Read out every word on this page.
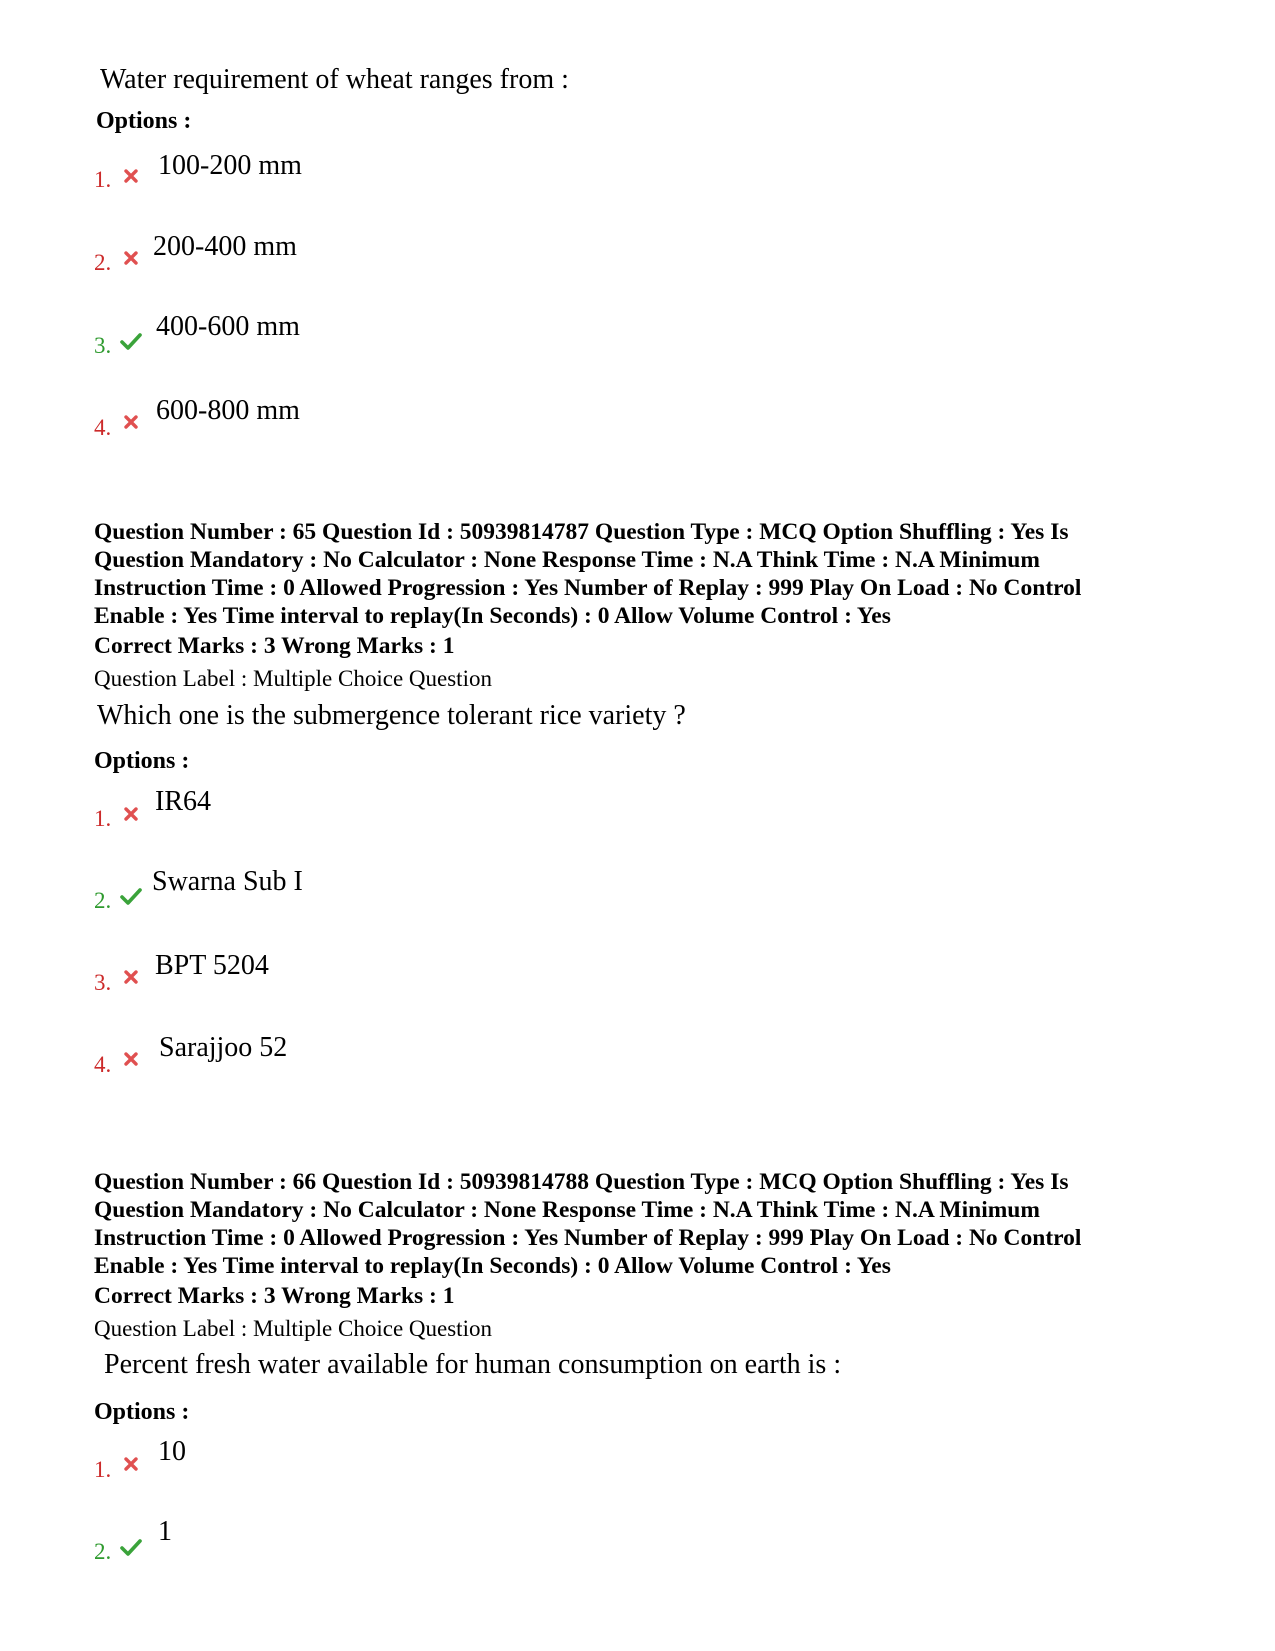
Water requirement of wheat ranges from :
Options :
1. 100-200 mm
2.
200-400 mm
3.
400-600 mm
4.
600-800 mm
Question Number : 65 Question Id : 50939814787 Question Type : MCQ Option Shuffling : Yes Is
Question Mandatory : No Calculator : None Response Time : N.A Think Time : N.A Minimum
Instruction Time : 0 Allowed Progression : Yes Number of Replay : 999 Play On Load : No Control
Enable : Yes Time interval to replay(In Seconds) : 0 Allow Volume Control : Yes
Correct Marks : 3 Wrong Marks : 1
Question Label : Multiple Choice Question
Which one is the submergence tolerant rice variety ?
Options :
1.
IR64
2.
Swarna Sub I
3.
BPT 5204
4.
Sarajjoo 52
Question Number : 66 Question Id : 50939814788 Question Type : MCQ Option Shuffling : Yes Is
Question Mandatory : No Calculator : None Response Time : N.A Think Time : N.A Minimum
Instruction Time : 0 Allowed Progression : Yes Number of Replay : 999 Play On Load : No Control
Enable : Yes Time interval to replay(In Seconds) : 0 Allow Volume Control : Yes
Correct Marks : 3 Wrong Marks : 1
Question Label : Multiple Choice Question
Percent fresh water available for human consumption on earth is :
Options :
1.
10
2.
1
